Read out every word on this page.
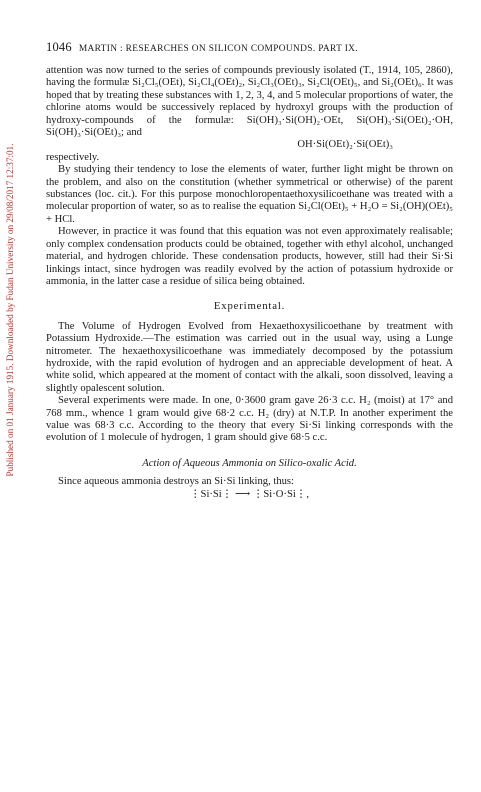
Published on 01 January 1915. Downloaded by Fudan University on 29/08/2017 12:37:01.
1046 MARTIN : RESEARCHES ON SILICON COMPOUNDS. PART IX.

attention was now turned to the series of compounds previously isolated (T., 1914, 105, 2860), having the formulæ Si₂Cl₅(OEt), Si₂Cl₄(OEt)₂, Si₂Cl₃(OEt)₃, Si₂Cl(OEt)₅, and Si₂(OEt)₆. It was hoped that by treating these substances with 1, 2, 3, 4, and 5 molecular proportions of water, the chlorine atoms would be successively replaced by hydroxyl groups with the production of hydroxy-compounds of the formulæ: Si(OH)₃·Si(OH)₂·OEt, Si(OH)₃·Si(OEt)₂·OH, Si(OH)₃·Si(OEt)₃; and

OH·Si(OEt)₂·Si(OEt)₃

respectively.

By studying their tendency to lose the elements of water, further light might be thrown on the problem, and also on the constitution (whether symmetrical or otherwise) of the parent substances (loc. cit.). For this purpose monochloropentaethoxysilicoethane was treated with a molecular proportion of water, so as to realise the equation Si₂Cl(OEt)₅ + H₂O = Si₂(OH)(OEt)₅ + HCl.

However, in practice it was found that this equation was not even approximately realisable; only complex condensation products could be obtained, together with ethyl alcohol, unchanged material, and hydrogen chloride. These condensation products, however, still had their Si·Si linkings intact, since hydrogen was readily evolved by the action of potassium hydroxide or ammonia, in the latter case a residue of silica being obtained.

Experimental.

The Volume of Hydrogen Evolved from Hexaethoxysilicoethane by treatment with Potassium Hydroxide.—The estimation was carried out in the usual way, using a Lunge nitrometer. The hexaethoxysilicoethane was immediately decomposed by the potassium hydroxide, with the rapid evolution of hydrogen and an appreciable development of heat. A white solid, which appeared at the moment of contact with the alkali, soon dissolved, leaving a slightly opalescent solution.

Several experiments were made. In one, 0·3600 gram gave 26·3 c.c. H₂ (moist) at 17° and 768 mm., whence 1 gram would give 68·2 c.c. H₂ (dry) at N.T.P. In another experiment the value was 68·3 c.c. According to the theory that every Si·Si linking corresponds with the evolution of 1 molecule of hydrogen, 1 gram should give 68·5 c.c.

Action of Aqueous Ammonia on Silico-oxalic Acid.

Since aqueous ammonia destroys an Si·Si linking, thus:

⋮Si·Si⋮ ⟶ ⋮Si·O·Si⋮,
